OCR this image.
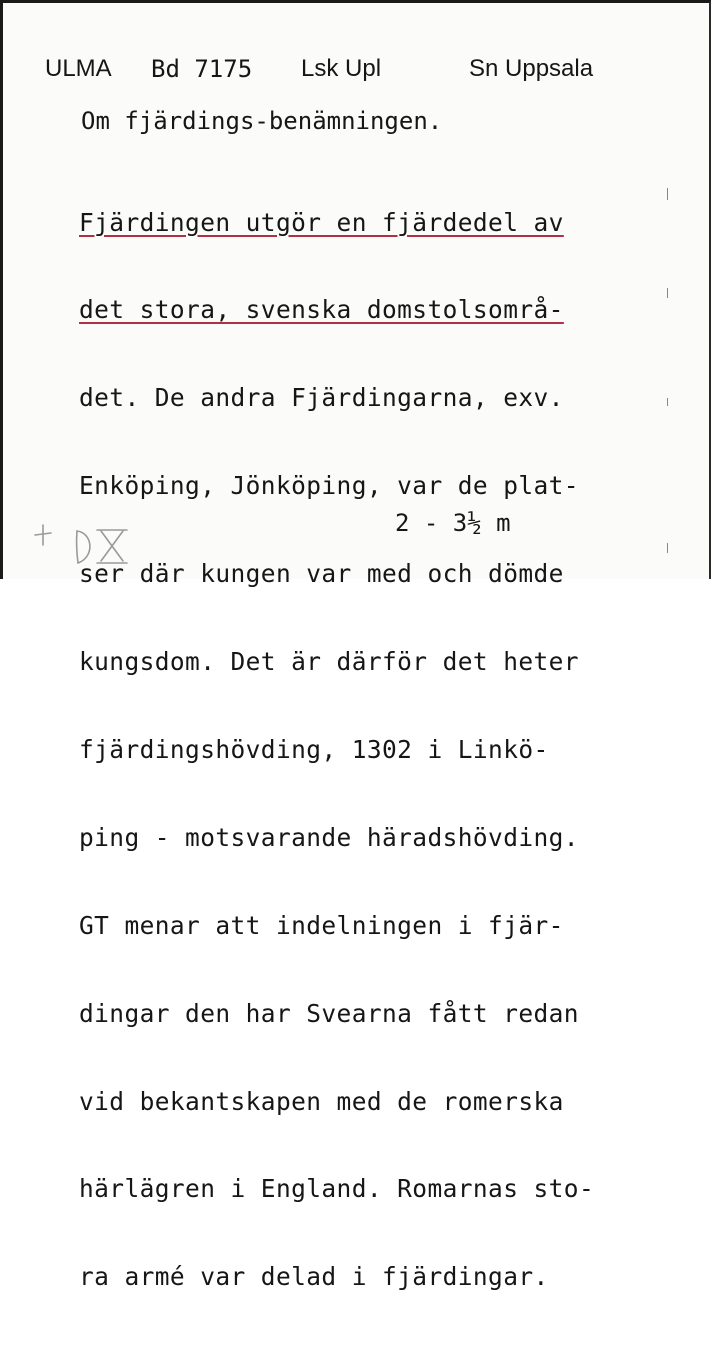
ULMA Bd 7175 Lsk Upl	Sn Uppsala
Om fjärdings-benämningen.

Fjärdingen utgör en fjärdedel av

det stora, svenska domstolsområ-

det. De andra Fjärdingarna, exv.

Enköping, Jönköping, var de plat-

ser där kungen var med och dömde

kungsdom. Det är därför det heter

fjärdingshövding, 1302 i Linkö-

ping - motsvarande häradshövding.

GT menar att indelningen i fjär-

dingar den har Svearna fått redan

vid bekantskapen med de romerska

härlägren i England. Romarnas sto-

ra armé var delad i fjärdingar.

2 - 3½ m
